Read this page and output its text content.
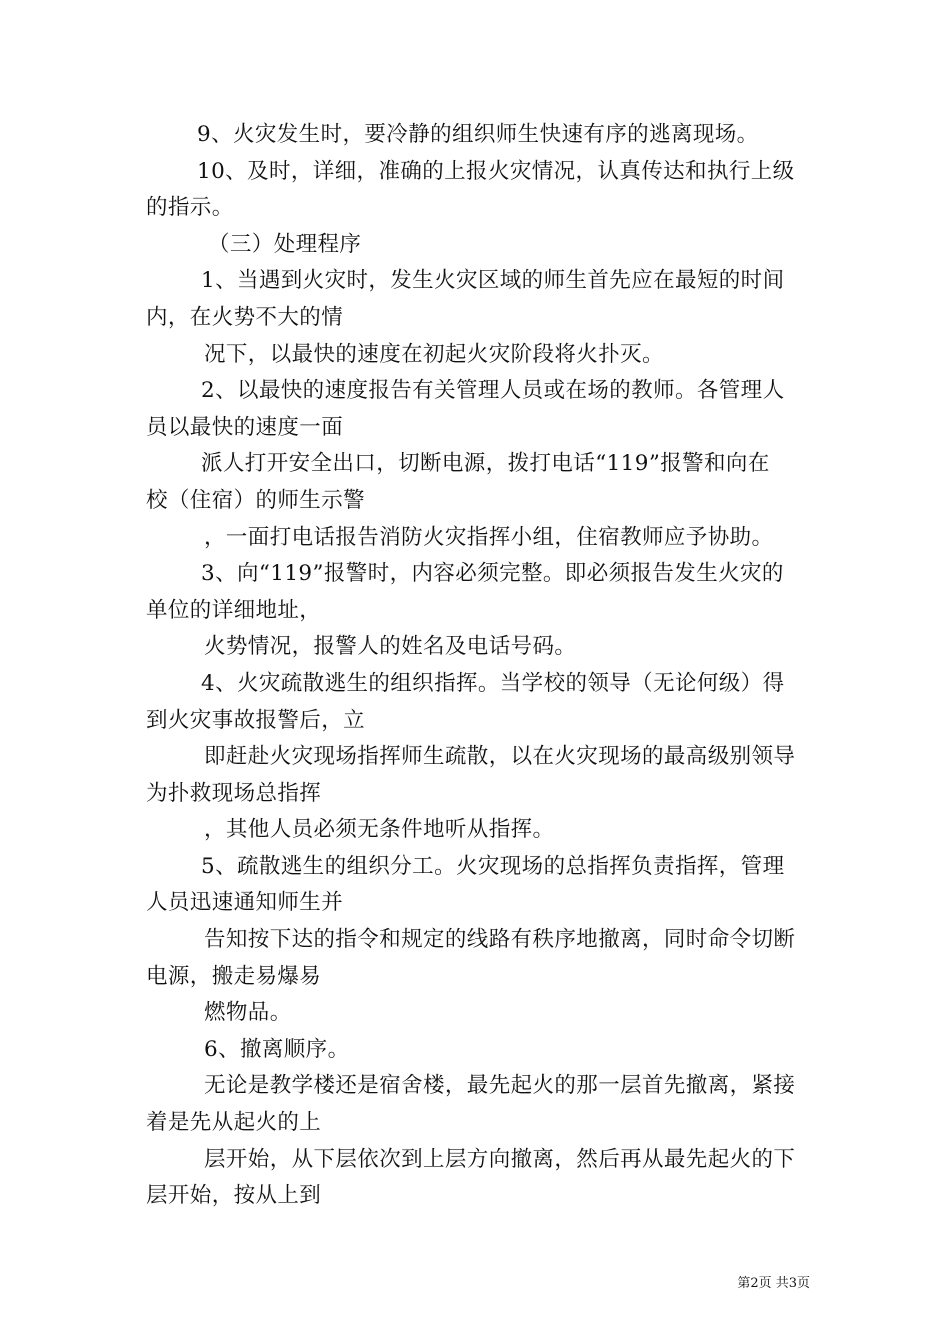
9、火灾发生时，要冷静的组织师生快速有序的逃离现场。
10、及时，详细，准确的上报火灾情况，认真传达和执行上级
的指示。
（三）处理程序
1、当遇到火灾时，发生火灾区域的师生首先应在最短的时间
内，在火势不大的情
况下，以最快的速度在初起火灾阶段将火扑灭。
2、以最快的速度报告有关管理人员或在场的教师。各管理人
员以最快的速度一面
派人打开安全出口，切断电源，拨打电话“119”报警和向在
校（住宿）的师生示警
，一面打电话报告消防火灾指挥小组，住宿教师应予协助。
3、向“119”报警时，内容必须完整。即必须报告发生火灾的
单位的详细地址，
火势情况，报警人的姓名及电话号码。
4、火灾疏散逃生的组织指挥。当学校的领导（无论何级）得
到火灾事故报警后，立
即赶赴火灾现场指挥师生疏散，以在火灾现场的最高级别领导
为扑救现场总指挥
，其他人员必须无条件地听从指挥。
5、疏散逃生的组织分工。火灾现场的总指挥负责指挥，管理
人员迅速通知师生并
告知按下达的指令和规定的线路有秩序地撤离，同时命令切断
电源，搬走易爆易
燃物品。
6、撤离顺序。
无论是教学楼还是宿舍楼，最先起火的那一层首先撤离，紧接
着是先从起火的上
层开始，从下层依次到上层方向撤离，然后再从最先起火的下
层开始，按从上到
第2页 共3页
